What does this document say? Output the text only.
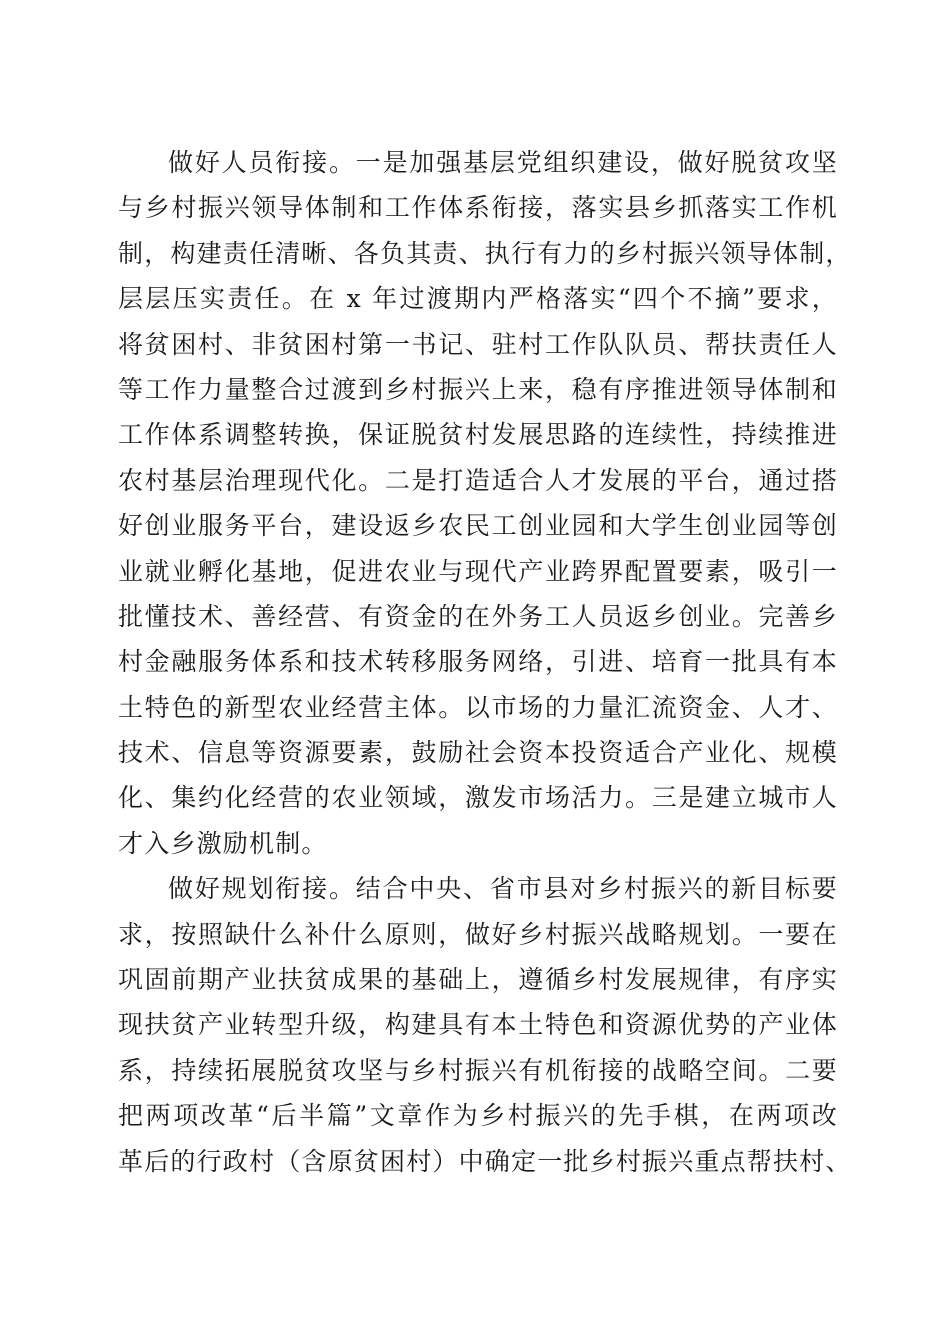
做好人员衔接。一是加强基层党组织建设，做好脱贫攻坚
与乡村振兴领导体制和工作体系衔接，落实县乡抓落实工作机
制，构建责任清晰、各负其责、执行有力的乡村振兴领导体制，
层层压实责任。在 x 年过渡期内严格落实“四个不摘”要求，
将贫困村、非贫困村第一书记、驻村工作队队员、帮扶责任人
等工作力量整合过渡到乡村振兴上来，稳有序推进领导体制和
工作体系调整转换，保证脱贫村发展思路的连续性，持续推进
农村基层治理现代化。二是打造适合人才发展的平台，通过搭
好创业服务平台，建设返乡农民工创业园和大学生创业园等创
业就业孵化基地，促进农业与现代产业跨界配置要素，吸引一
批懂技术、善经营、有资金的在外务工人员返乡创业。完善乡
村金融服务体系和技术转移服务网络，引进、培育一批具有本
土特色的新型农业经营主体。以市场的力量汇流资金、人才、
技术、信息等资源要素，鼓励社会资本投资适合产业化、规模
化、集约化经营的农业领域，激发市场活力。三是建立城市人
才入乡激励机制。
做好规划衔接。结合中央、省市县对乡村振兴的新目标要
求，按照缺什么补什么原则，做好乡村振兴战略规划。一要在
巩固前期产业扶贫成果的基础上，遵循乡村发展规律，有序实
现扶贫产业转型升级，构建具有本土特色和资源优势的产业体
系，持续拓展脱贫攻坚与乡村振兴有机衔接的战略空间。二要
把两项改革“后半篇”文章作为乡村振兴的先手棋，在两项改
革后的行政村（含原贫困村）中确定一批乡村振兴重点帮扶村、
